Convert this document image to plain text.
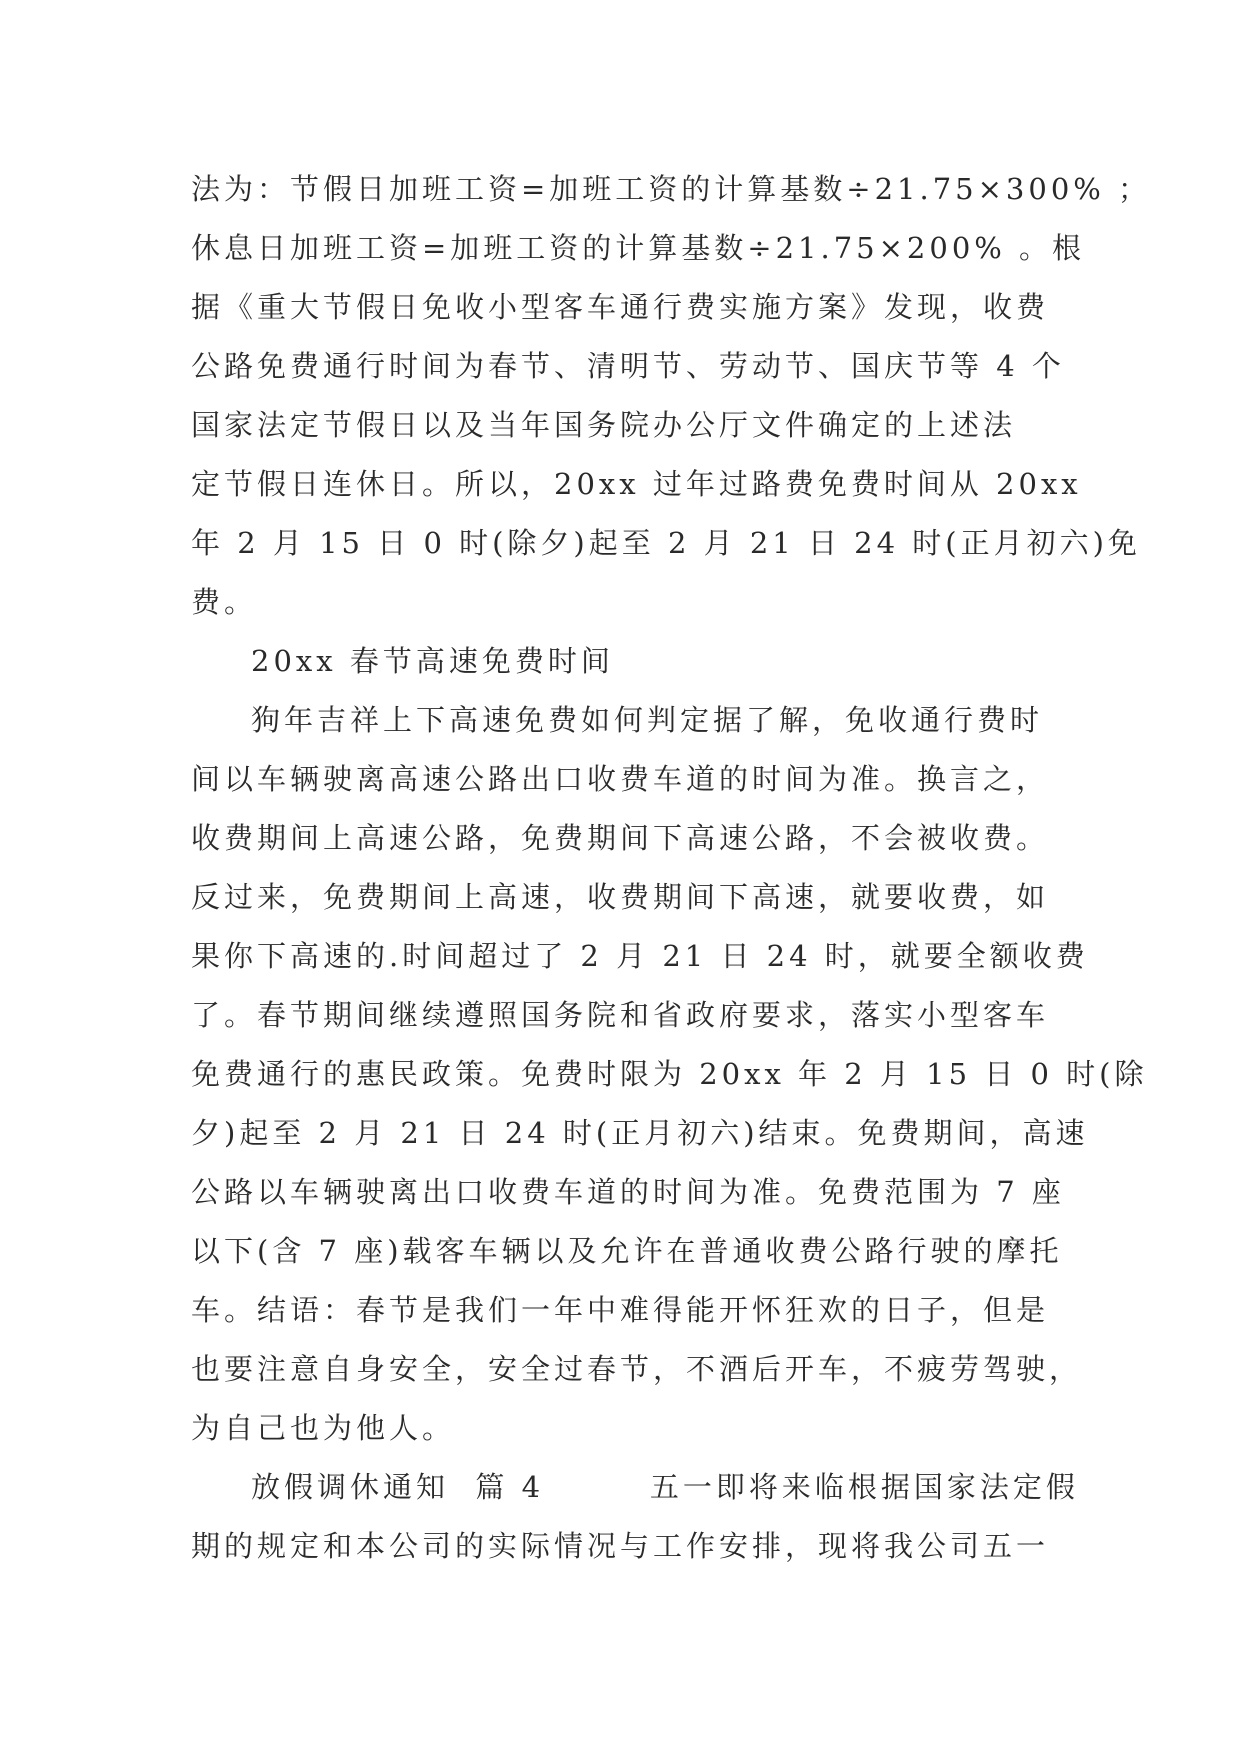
法为：节假日加班工资=加班工资的计算基数÷21.75×300% ；
休息日加班工资=加班工资的计算基数÷21.75×200% 。根
据《重大节假日免收小型客车通行费实施方案》发现，收费
公路免费通行时间为春节、清明节、劳动节、国庆节等 4 个
国家法定节假日以及当年国务院办公厅文件确定的上述法
定节假日连休日。所以，20xx 过年过路费免费时间从 20xx
年 2 月 15 日 0 时(除夕)起至 2 月 21 日 24 时(正月初六)免
费。
20xx 春节高速免费时间
狗年吉祥上下高速免费如何判定据了解，免收通行费时
间以车辆驶离高速公路出口收费车道的时间为准。换言之，
收费期间上高速公路，免费期间下高速公路，不会被收费。
反过来，免费期间上高速，收费期间下高速，就要收费，如
果你下高速的.时间超过了 2 月 21 日 24 时，就要全额收费
了。春节期间继续遵照国务院和省政府要求，落实小型客车
免费通行的惠民政策。免费时限为 20xx 年 2 月 15 日 0 时(除
夕)起至 2 月 21 日 24 时(正月初六)结束。免费期间，高速
公路以车辆驶离出口收费车道的时间为准。免费范围为 7 座
以下(含 7 座)载客车辆以及允许在普通收费公路行驶的摩托
车。结语：春节是我们一年中难得能开怀狂欢的日子，但是
也要注意自身安全，安全过春节，不酒后开车，不疲劳驾驶，
为自己也为他人。
放假调休通知  篇 4        五一即将来临根据国家法定假
期的规定和本公司的实际情况与工作安排，现将我公司五一
